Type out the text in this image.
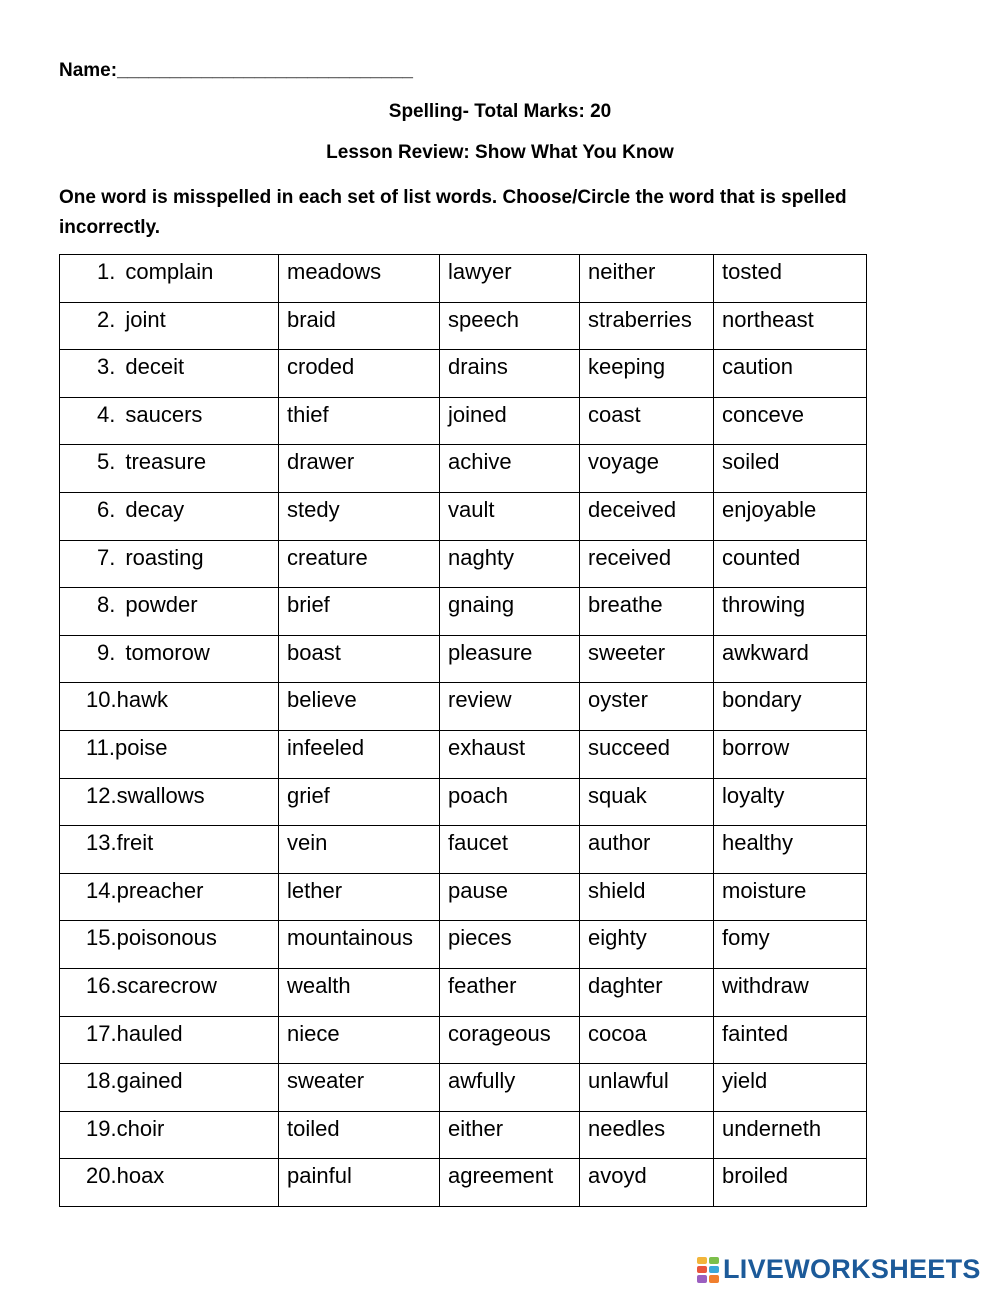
Name:____________________________
Spelling- Total Marks: 20
Lesson Review: Show What You Know
One word is misspelled in each set of list words. Choose/Circle the word that is spelled incorrectly.
1. complain	meadows	lawyer	neither	tosted
2. joint	braid	speech	straberries	northeast
3. deceit	croded	drains	keeping	caution
4. saucers	thief	joined	coast	conceve
5. treasure	drawer	achive	voyage	soiled
6. decay	stedy	vault	deceived	enjoyable
7. roasting	creature	naghty	received	counted
8. powder	brief	gnaing	breathe	throwing
9. tomorow	boast	pleasure	sweeter	awkward
10.hawk	believe	review	oyster	bondary
11.poise	infeeled	exhaust	succeed	borrow
12.swallows	grief	poach	squak	loyalty
13.freit	vein	faucet	author	healthy
14.preacher	lether	pause	shield	moisture
15.poisonous	mountainous	pieces	eighty	fomy
16.scarecrow	wealth	feather	daghter	withdraw
17.hauled	niece	corageous	cocoa	fainted
18.gained	sweater	awfully	unlawful	yield
19.choir	toiled	either	needles	underneth
20.hoax	painful	agreement	avoyd	broiled
LIVEWORKSHEETS
